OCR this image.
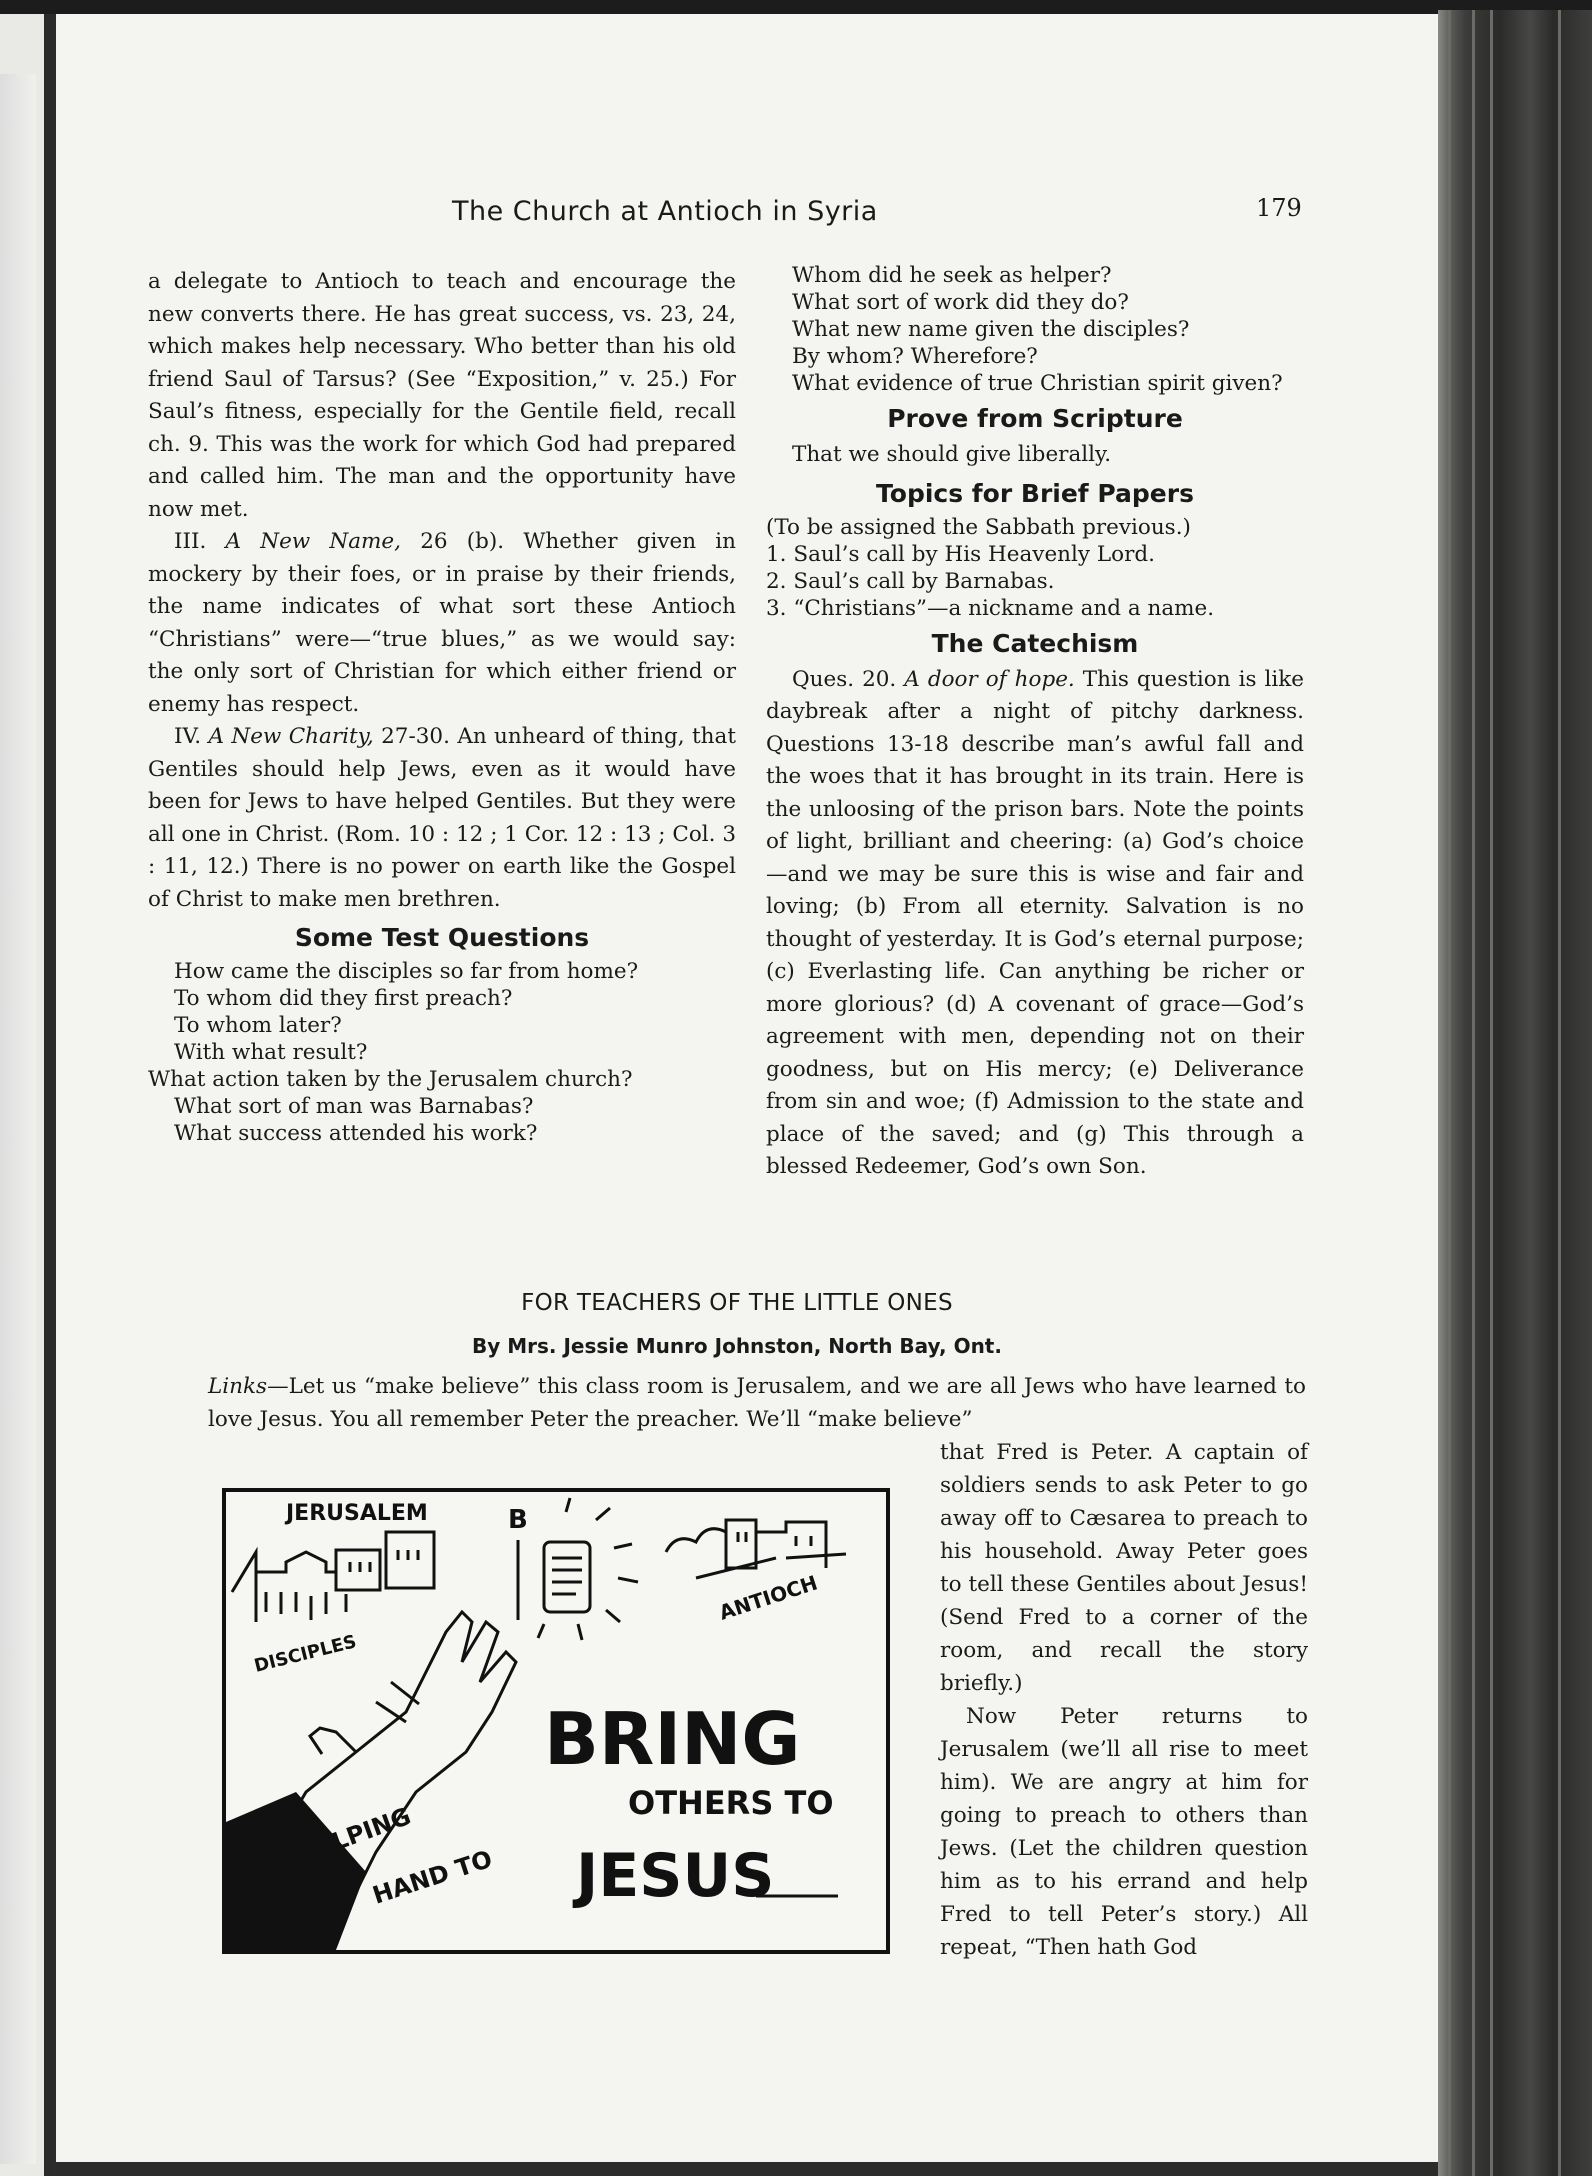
The Church at Antioch in Syria	179

a delegate to Antioch to teach and encourage the new converts there. He has great success, vs. 23, 24, which makes help necessary. Who better than his old friend Saul of Tarsus? (See “Exposition,” v. 25.) For Saul’s fitness, especially for the Gentile field, recall ch. 9. This was the work for which God had prepared and called him. The man and the opportunity have now met.

III. A New Name, 26 (b). Whether given in mockery by their foes, or in praise by their friends, the name indicates of what sort these Antioch “Christians” were—“true blues,” as we would say: the only sort of Christian for which either friend or enemy has respect.

IV. A New Charity, 27-30. An unheard of thing, that Gentiles should help Jews, even as it would have been for Jews to have helped Gentiles. But they were all one in Christ. (Rom. 10 : 12 ; 1 Cor. 12 : 13 ; Col. 3 : 11, 12.) There is no power on earth like the Gospel of Christ to make men brethren.

Some Test Questions

How came the disciples so far from home?

To whom did they first preach?

To whom later?

With what result?

What action taken by the Jerusalem church?

What sort of man was Barnabas?

What success attended his work?

Whom did he seek as helper?

What sort of work did they do?

What new name given the disciples?

By whom? Wherefore?

What evidence of true Christian spirit given?

Prove from Scripture

That we should give liberally.

Topics for Brief Papers

(To be assigned the Sabbath previous.)

1. Saul’s call by His Heavenly Lord.

2. Saul’s call by Barnabas.

3. “Christians”—a nickname and a name.

The Catechism

Ques. 20. A door of hope. This question is like daybreak after a night of pitchy darkness. Questions 13-18 describe man’s awful fall and the woes that it has brought in its train. Here is the unloosing of the prison bars. Note the points of light, brilliant and cheering: (a) God’s choice—and we may be sure this is wise and fair and loving; (b) From all eternity. Salvation is no thought of yesterday. It is God’s eternal purpose; (c) Everlasting life. Can anything be richer or more glorious? (d) A covenant of grace—God’s agreement with men, depending not on their goodness, but on His mercy; (e) Deliverance from sin and woe; (f) Admission to the state and place of the saved; and (g) This through a blessed Redeemer, God’s own Son.

FOR TEACHERS OF THE LITTLE ONES
By Mrs. Jessie Munro Johnston, North Bay, Ont.
Links—Let us “make believe” this class room is Jerusalem, and we are all Jews who have learned to love Jesus. You all remember Peter the preacher. We’ll “make believe”

that Fred is Peter. A captain of soldiers sends to ask Peter to go away off to Cæsarea to preach to his household. Away Peter goes to tell these Gentiles about Jesus! (Send Fred to a corner of the room, and recall the story briefly.)

Now Peter returns to Jerusalem (we’ll all rise to meet him). We are angry at him for going to preach to others than Jews. (Let the children question him as to his errand and help Fred to tell Peter’s story.) All repeat, “Then hath God

JERUSALEM
ANTIOCH
B
DISCIPLES
THE HELPING
HAND TO
BRING
OTHERS TO
JESUS
